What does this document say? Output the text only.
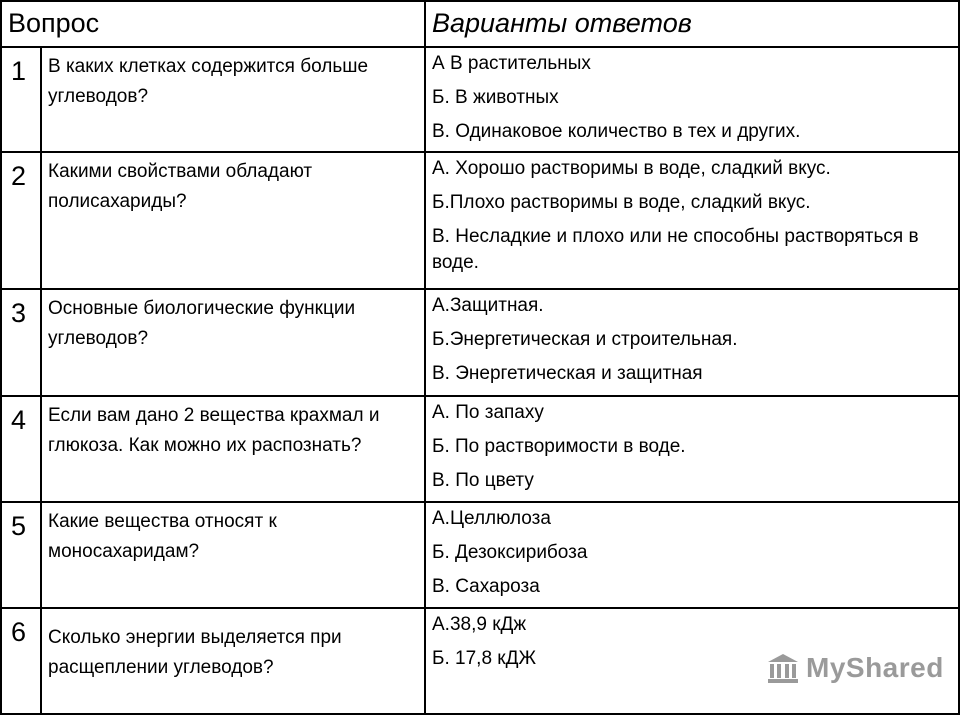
Вопрос		Варианты ответов

1	В каких клетках содержится больше углеводов?	А В растительных
Б. В животных
В. Одинаковое количество в тех и других.

2	Какими свойствами обладают полисахариды?	А. Хорошо растворимы в воде, сладкий вкус.
Б.Плохо растворимы в воде, сладкий вкус.
В. Несладкие и плохо или не способны растворяться в воде.

3	Основные биологические функции углеводов?	А.Защитная.
Б.Энергетическая и строительная.
В. Энергетическая и защитная

4	Если вам дано 2 вещества крахмал и глюкоза. Как можно их распознать?	А. По запаху
Б. По растворимости в воде.
В. По цвету

5	Какие вещества относят к моносахаридам?	А.Целлюлоза
Б. Дезоксирибоза
В. Сахароза

6	Сколько энергии выделяется при расщеплении углеводов?	А.38,9 кДж
Б. 17,8 кДЖ	MyShared
